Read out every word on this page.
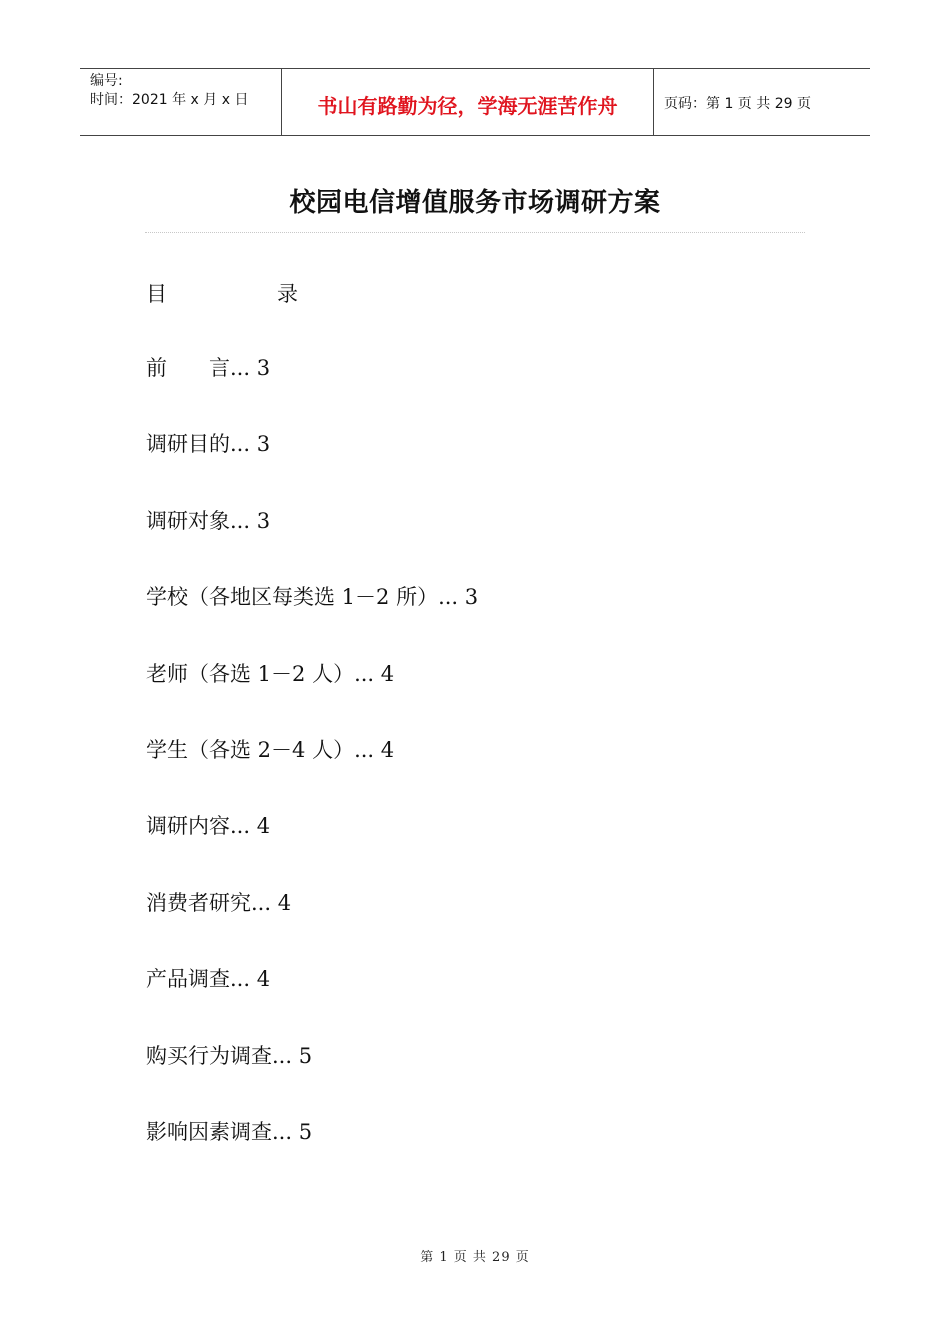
编号:
时间：2021 年 x 月 x 日	书山有路勤为径，学海无涯苦作舟	页码：第 1 页 共 29 页
校园电信增值服务市场调研方案
目	录
前　　言... 3
调研目的... 3
调研对象... 3
学校（各地区每类选 1－2 所）... 3
老师（各选 1－2 人）... 4
学生（各选 2－4 人）... 4
调研内容... 4
消费者研究... 4
产品调查... 4
购买行为调查... 5
影响因素调查... 5
第 1 页 共 29 页
